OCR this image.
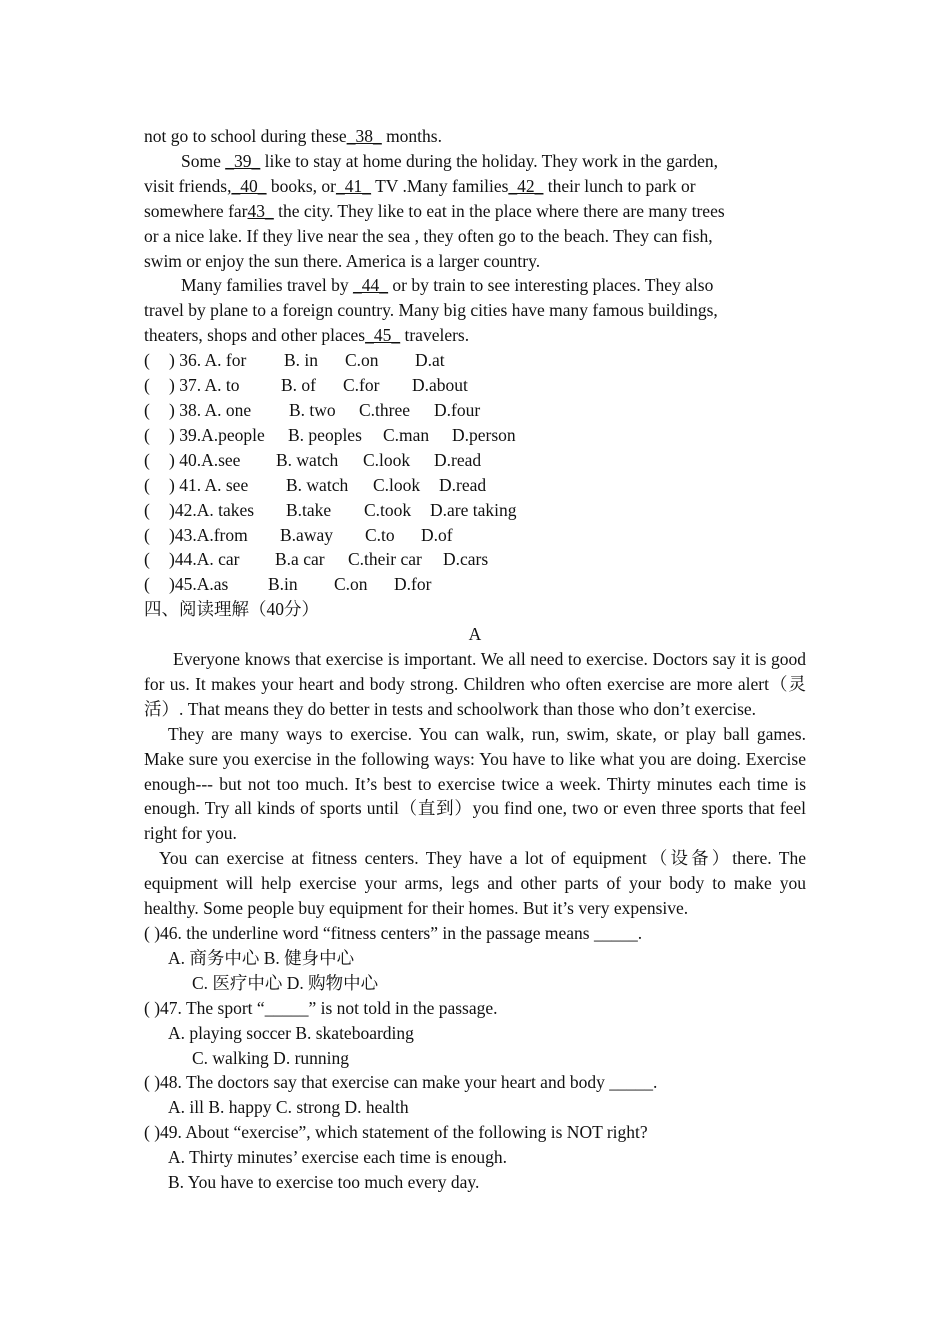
not go to school during these_38_ months.
Some _39_ like to stay at home during the holiday. They work in the garden,
visit friends,_40_ books, or_41_ TV .Many families_42_ their lunch to park or
somewhere far43_ the city. They like to eat in the place where there are many trees
or a nice lake. If they live near the sea , they often go to the beach. They can fish,
swim or enjoy the sun there. America is a larger country.
Many families travel by _44_ or by train to see interesting places. They also
travel by plane to a foreign country. Many big cities have many famous buildings,
theaters, shops and other places_45_ travelers.
(	) 36. A. for	B. in	C.on	D.at
(	) 37. A. to	B. of	C.for	D.about
(	) 38. A. one	B. two	C.three	D.four
(	) 39.A.people	B. peoples	C.man	D.person
(	) 40.A.see	B. watch	C.look	D.read
(	) 41. A. see	B. watch	C.look	D.read
(	)42.A. takes	B.take	C.took	D.are taking
(	)43.A.from	B.away	C.to	D.of
(	)44.A. car	B.a car	C.their car	D.cars
(	)45.A.as	B.in	C.on	D.for
四、阅读理解（40分）
A
Everyone knows that exercise is important. We all need to exercise. Doctors say it is good for us. It makes your heart and body strong. Children who often exercise are more alert（灵活）. That means they do better in tests and schoolwork than those who don’t exercise.
They are many ways to exercise. You can walk, run, swim, skate, or play ball games. Make sure you exercise in the following ways: You have to like what you are doing. Exercise enough--- but not too much. It’s best to exercise twice a week. Thirty minutes each time is enough. Try all kinds of sports until（直到）you find one, two or even three sports that feel right for you.
You can exercise at fitness centers. They have a lot of equipment（设备）there. The equipment will help exercise your arms, legs and other parts of your body to make you healthy. Some people buy equipment for their homes. But it’s very expensive.
( )46. the underline word “fitness centers” in the passage means _____.
A. 商务中心 B. 健身中心
C. 医疗中心 D. 购物中心
( )47. The sport “_____” is not told in the passage.
A. playing soccer B. skateboarding
C. walking D. running
( )48. The doctors say that exercise can make your heart and body _____.
A. ill B. happy C. strong D. health
( )49. About “exercise”, which statement of the following is NOT right?
A. Thirty minutes’ exercise each time is enough.
B. You have to exercise too much every day.
